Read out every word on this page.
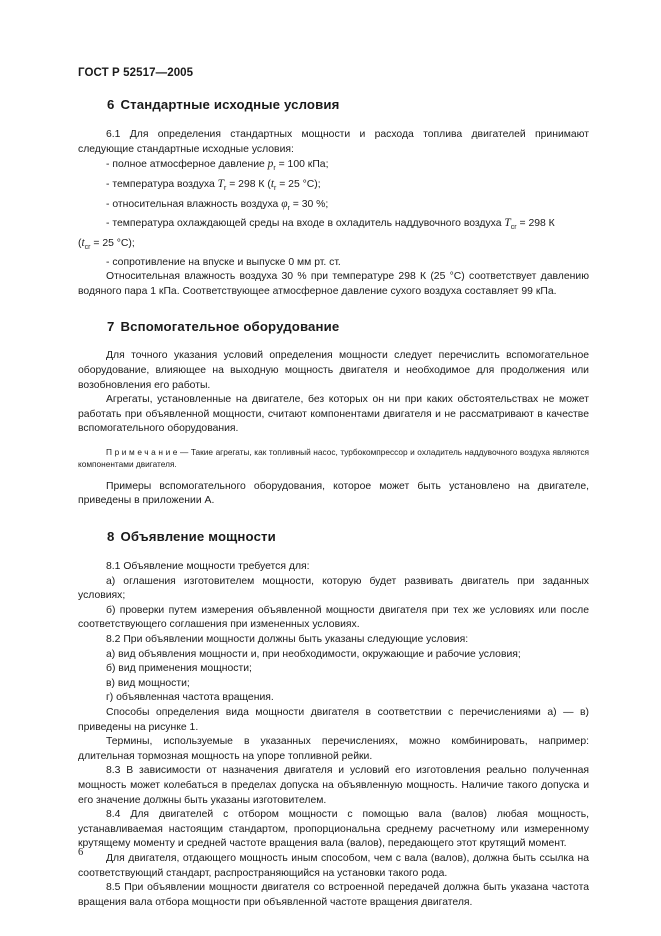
ГОСТ Р 52517—2005
6 Стандартные исходные условия

6.1 Для определения стандартных мощности и расхода топлива двигателей принимают следующие стандартные исходные условия:

- полное атмосферное давление $p_r = 100$ кПа;

- температура воздуха $T_r = 298$ К ($t_r = 25$ °С);

- относительная влажность воздуха $\varphi_r = 30$ %;

- температура охлаждающей среды на входе в охладитель наддувочного воздуха $T_{cr} = 298$ К

($t_{cr} = 25$ °С);

- сопротивление на впуске и выпуске 0 мм рт. ст.

Относительная влажность воздуха 30 % при температуре 298 К (25 °С) соответствует давлению водяного пара 1 кПа. Соответствующее атмосферное давление сухого воздуха составляет 99 кПа.

7 Вспомогательное оборудование

Для точного указания условий определения мощности следует перечислить вспомогательное оборудование, влияющее на выходную мощность двигателя и необходимое для продолжения или возобновления его работы.

Агрегаты, установленные на двигателе, без которых он ни при каких обстоятельствах не может работать при объявленной мощности, считают компонентами двигателя и не рассматривают в качестве вспомогательного оборудования.

Примечание— Такие агрегаты, как топливный насос, турбокомпрессор и охладитель наддувочного воздуха являются компонентами двигателя.

Примеры вспомогательного оборудования, которое может быть установлено на двигателе, приведены в приложении А.

8 Объявление мощности

8.1 Объявление мощности требуется для:

а) оглашения изготовителем мощности, которую будет развивать двигатель при заданных условиях;

б) проверки путем измерения объявленной мощности двигателя при тех же условиях или после соответствующего соглашения при измененных условиях.

8.2 При объявлении мощности должны быть указаны следующие условия:

а) вид объявления мощности и, при необходимости, окружающие и рабочие условия;

б) вид применения мощности;

в) вид мощности;

г) объявленная частота вращения.

Способы определения вида мощности двигателя в соответствии с перечислениями а) — в) приведены на рисунке 1.

Термины, используемые в указанных перечислениях, можно комбинировать, например: длительная тормозная мощность на упоре топливной рейки.

8.3 В зависимости от назначения двигателя и условий его изготовления реально полученная мощность может колебаться в пределах допуска на объявленную мощность. Наличие такого допуска и его значение должны быть указаны изготовителем.

8.4 Для двигателей с отбором мощности с помощью вала (валов) любая мощность, устанавливаемая настоящим стандартом, пропорциональна среднему расчетному или измеренному крутящему моменту и средней частоте вращения вала (валов), передающего этот крутящий момент.

Для двигателя, отдающего мощность иным способом, чем с вала (валов), должна быть ссылка на соответствующий стандарт, распространяющийся на установки такого рода.

8.5 При объявлении мощности двигателя со встроенной передачей должна быть указана частота вращения вала отбора мощности при объявленной частоте вращения двигателя.

6
